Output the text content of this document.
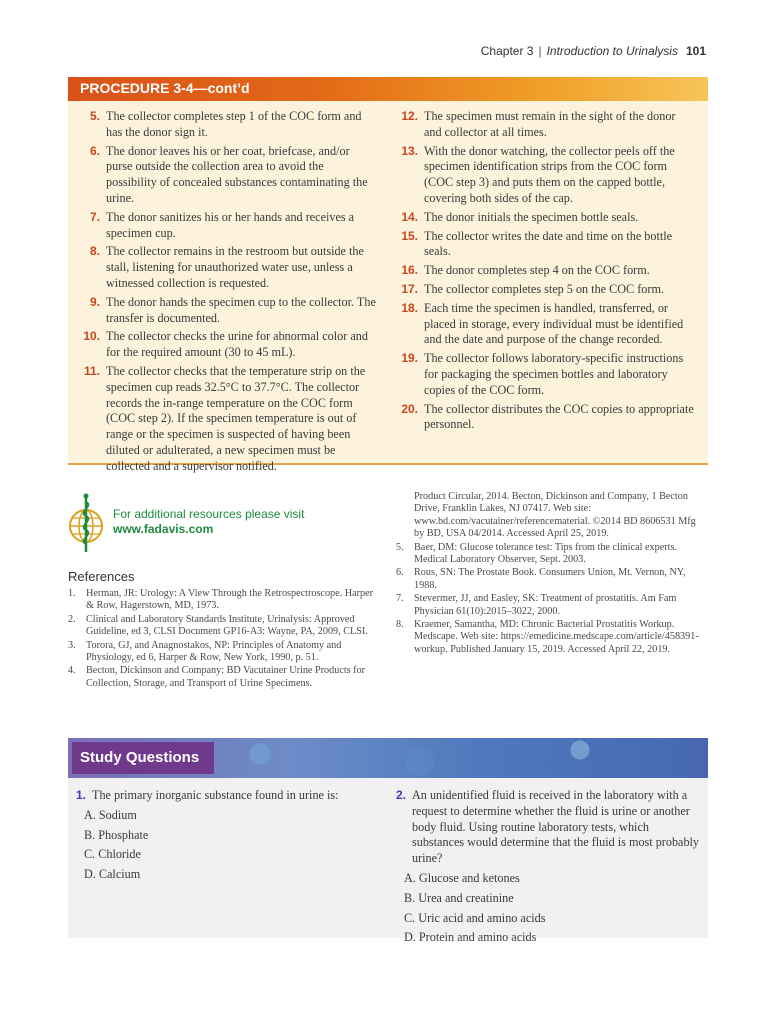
Chapter 3 | Introduction to Urinalysis 101
PROCEDURE 3-4—cont’d
5. The collector completes step 1 of the COC form and has the donor sign it.
6. The donor leaves his or her coat, briefcase, and/or purse outside the collection area to avoid the possibility of concealed substances contaminating the urine.
7. The donor sanitizes his or her hands and receives a specimen cup.
8. The collector remains in the restroom but outside the stall, listening for unauthorized water use, unless a witnessed collection is requested.
9. The donor hands the specimen cup to the collector. The transfer is documented.
10. The collector checks the urine for abnormal color and for the required amount (30 to 45 mL).
11. The collector checks that the temperature strip on the specimen cup reads 32.5°C to 37.7°C. The collector records the in-range temperature on the COC form (COC step 2). If the specimen temperature is out of range or the specimen is suspected of having been diluted or adulterated, a new specimen must be collected and a supervisor notified.
12. The specimen must remain in the sight of the donor and collector at all times.
13. With the donor watching, the collector peels off the specimen identification strips from the COC form (COC step 3) and puts them on the capped bottle, covering both sides of the cap.
14. The donor initials the specimen bottle seals.
15. The collector writes the date and time on the bottle seals.
16. The donor completes step 4 on the COC form.
17. The collector completes step 5 on the COC form.
18. Each time the specimen is handled, transferred, or placed in storage, every individual must be identified and the date and purpose of the change recorded.
19. The collector follows laboratory-specific instructions for packaging the specimen bottles and laboratory copies of the COC form.
20. The collector distributes the COC copies to appropriate personnel.
For additional resources please visit
www.fadavis.com
References
1.	Herman, JR: Urology: A View Through the Retrospectroscope. Harper & Row, Hagerstown, MD, 1973.
2.	Clinical and Laboratory Standards Institute, Urinalysis: Approved Guideline, ed 3, CLSI Document GP16-A3: Wayne, PA, 2009, CLSI.
3.	Torora, GJ, and Anagnostakos, NP: Principles of Anatomy and Physiology, ed 6, Harper & Row, New York, 1990, p. 51.
4.	Becton, Dickinson and Company: BD Vacutainer Urine Products for Collection, Storage, and Transport of Urine Specimens.
Product Circular, 2014. Becton, Dickinson and Company, 1 Becton Drive, Franklin Lakes, NJ 07417. Web site: www.bd.com/vacutainer/referencematerial. ©2014 BD 8606531 Mfg by BD, USA 04/2014. Accessed April 25, 2019.
5.	Baer, DM: Glucose tolerance test: Tips from the clinical experts. Medical Laboratory Observer, Sept. 2003.
6.	Rous, SN: The Prostate Book. Consumers Union, Mt. Vernon, NY, 1988.
7.	Stevermer, JJ, and Easley, SK: Treatment of prostatitis. Am Fam Physician 61(10):2015–3022, 2000.
8.	Kraemer, Samantha, MD: Chronic Bacterial Prostatitis Workup. Medscape. Web site: https://emedicine.medscape.com/article/458391-workup. Published January 15, 2019. Accessed April 22, 2019.
Study Questions
1. The primary inorganic substance found in urine is:
A. Sodium
B. Phosphate
C. Chloride
D. Calcium
2. An unidentified fluid is received in the laboratory with a request to determine whether the fluid is urine or another body fluid. Using routine laboratory tests, which substances would determine that the fluid is most probably urine?
A. Glucose and ketones
B. Urea and creatinine
C. Uric acid and amino acids
D. Protein and amino acids
